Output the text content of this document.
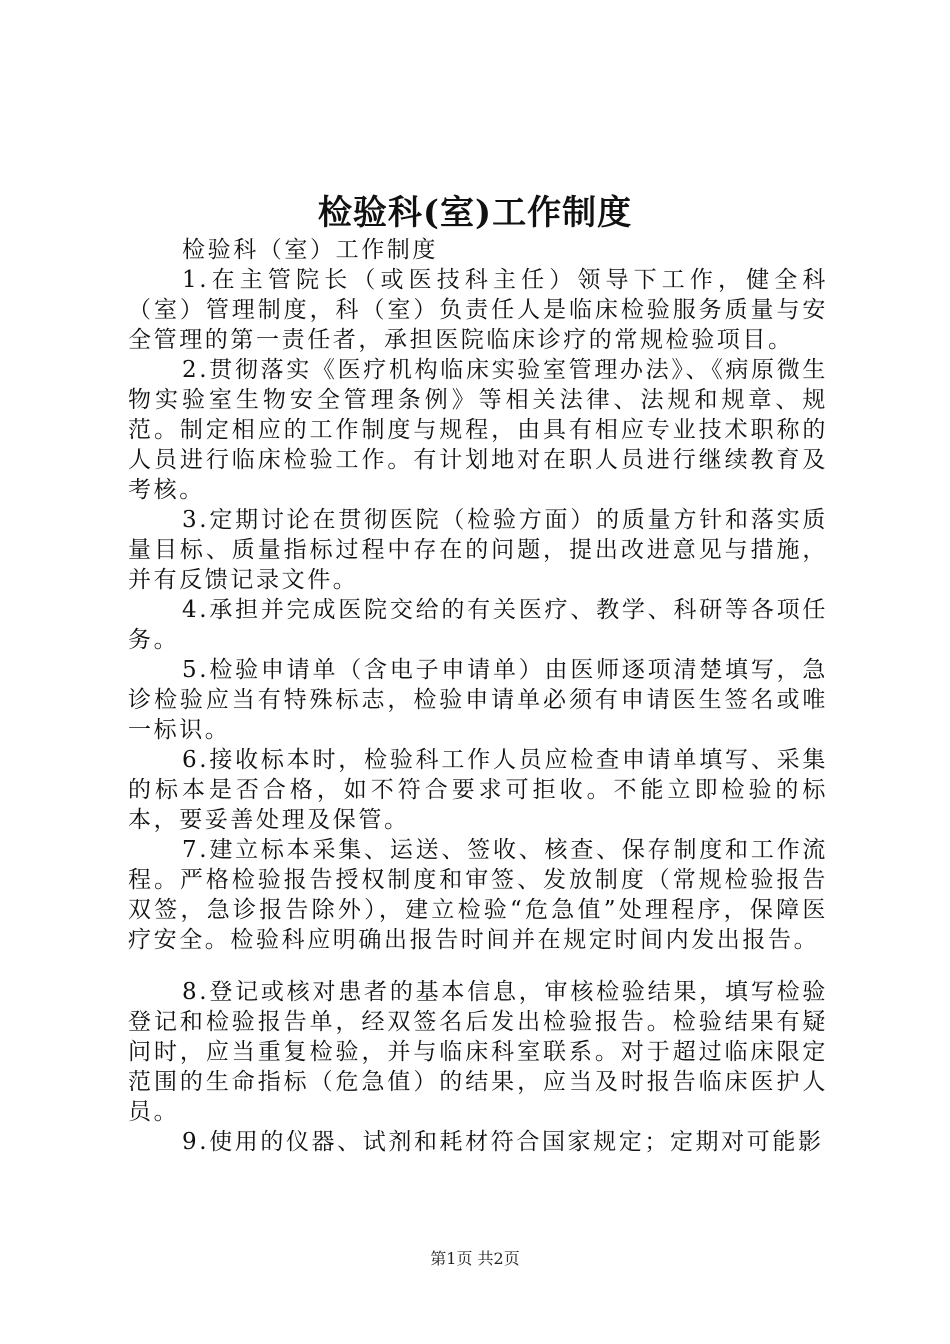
检验科(室)工作制度

检验科（室）工作制度

1.在主管院长（或医技科主任）领导下工作，健全科（室）管理制度，科（室）负责任人是临床检验服务质量与安全管理的第一责任者，承担医院临床诊疗的常规检验项目。

2.贯彻落实《医疗机构临床实验室管理办法》、《病原微生物实验室生物安全管理条例》等相关法律、法规和规章、规范。制定相应的工作制度与规程，由具有相应专业技术职称的人员进行临床检验工作。有计划地对在职人员进行继续教育及考核。

3.定期讨论在贯彻医院（检验方面）的质量方针和落实质量目标、质量指标过程中存在的问题，提出改进意见与措施，并有反馈记录文件。

4.承担并完成医院交给的有关医疗、教学、科研等各项任务。

5.检验申请单（含电子申请单）由医师逐项清楚填写，急诊检验应当有特殊标志，检验申请单必须有申请医生签名或唯一标识。

6.接收标本时，检验科工作人员应检查申请单填写、采集的标本是否合格，如不符合要求可拒收。不能立即检验的标本，要妥善处理及保管。

7.建立标本采集、运送、签收、核查、保存制度和工作流程。严格检验报告授权制度和审签、发放制度（常规检验报告双签，急诊报告除外），建立检验“危急值”处理程序，保障医疗安全。检验科应明确出报告时间并在规定时间内发出报告。

8.登记或核对患者的基本信息，审核检验结果，填写检验登记和检验报告单，经双签名后发出检验报告。检验结果有疑问时，应当重复检验，并与临床科室联系。对于超过临床限定范围的生命指标（危急值）的结果，应当及时报告临床医护人员。

9.使用的仪器、试剂和耗材符合国家规定；定期对可能影

第1页 共2页
